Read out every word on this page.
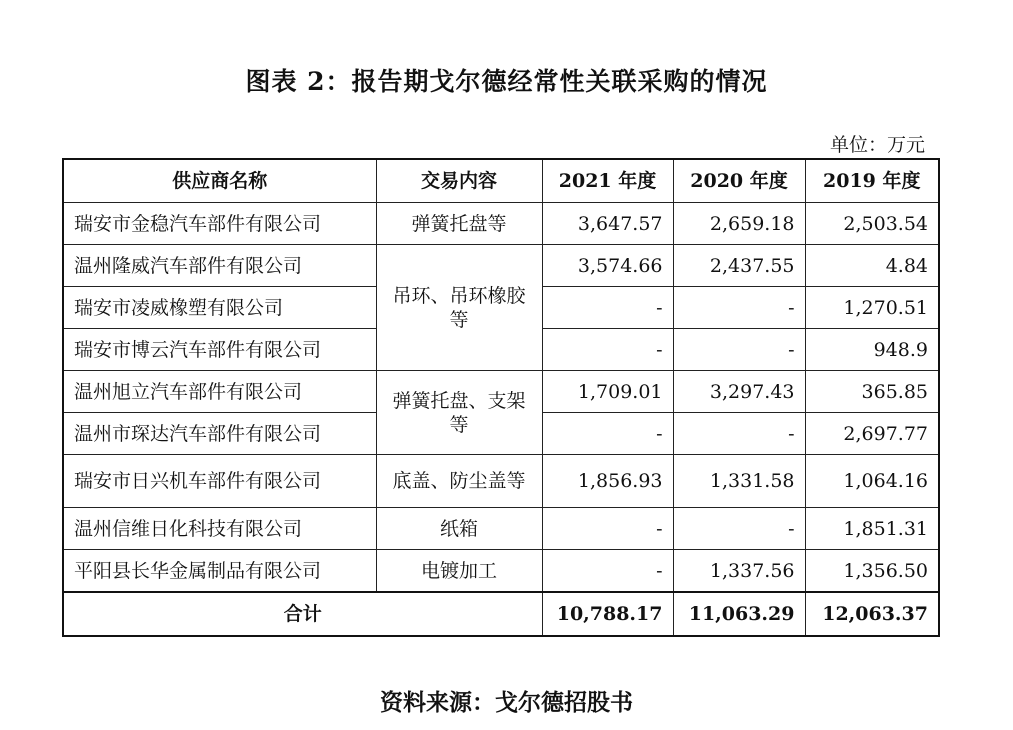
图表 2：报告期戈尔德经常性关联采购的情况
单位：万元
供应商名称	交易内容	2021 年度	2020 年度	2019 年度
瑞安市金稳汽车部件有限公司	弹簧托盘等	3,647.57	2,659.18	2,503.54
温州隆威汽车部件有限公司	吊环、吊环橡胶等	3,574.66	2,437.55	4.84
瑞安市凌威橡塑有限公司		-	-	1,270.51
瑞安市博云汽车部件有限公司		-	-	948.9
温州旭立汽车部件有限公司	弹簧托盘、支架等	1,709.01	3,297.43	365.85
温州市琛达汽车部件有限公司		-	-	2,697.77
瑞安市日兴机车部件有限公司	底盖、防尘盖等	1,856.93	1,331.58	1,064.16
温州信维日化科技有限公司	纸箱	-	-	1,851.31
平阳县长华金属制品有限公司	电镀加工	-	1,337.56	1,356.50
合计		10,788.17	11,063.29	12,063.37
资料来源：戈尔德招股书
